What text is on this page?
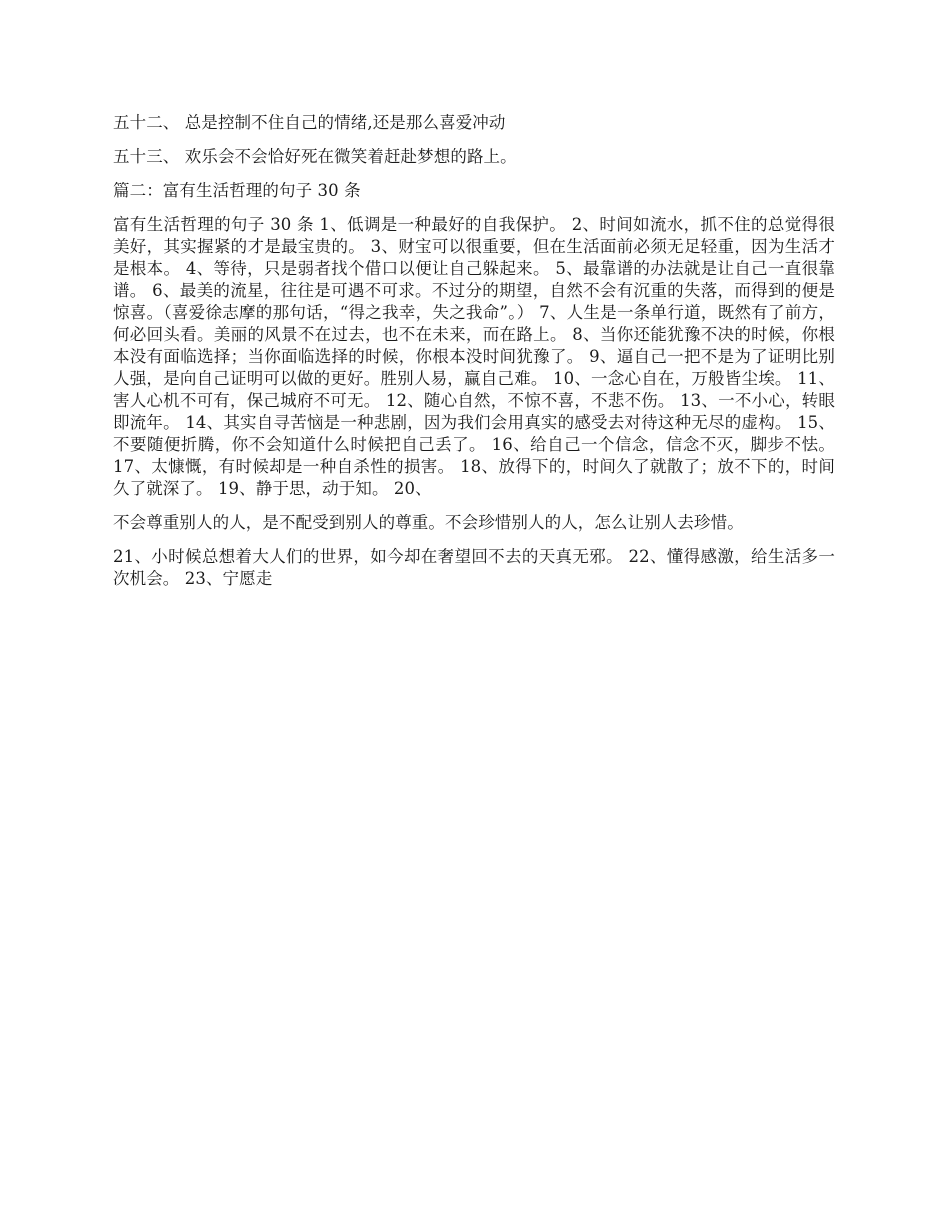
五十二、 总是控制不住自己的情绪,还是那么喜爱冲动

五十三、 欢乐会不会恰好死在微笑着赶赴梦想的路上。

篇二：富有生活哲理的句子 30 条

富有生活哲理的句子 30 条 1、低调是一种最好的自我保护。 2、时间如流水，抓不住的总觉得很美好，其实握紧的才是最宝贵的。 3、财宝可以很重要，但在生活面前必须无足轻重，因为生活才是根本。 4、等待，只是弱者找个借口以便让自己躲起来。 5、最靠谱的办法就是让自己一直很靠谱。 6、最美的流星，往往是可遇不可求。不过分的期望，自然不会有沉重的失落，而得到的便是惊喜。（喜爱徐志摩的那句话，“得之我幸，失之我命”。） 7、人生是一条单行道，既然有了前方，何必回头看。美丽的风景不在过去，也不在未来，而在路上。 8、当你还能犹豫不决的时候，你根本没有面临选择；当你面临选择的时候，你根本没时间犹豫了。 9、逼自己一把不是为了证明比别人强，是向自己证明可以做的更好。胜别人易，赢自己难。 10、一念心自在，万般皆尘埃。 11、害人心机不可有，保己城府不可无。 12、随心自然，不惊不喜，不悲不伤。 13、一不小心，转眼即流年。 14、其实自寻苦恼是一种悲剧，因为我们会用真实的感受去对待这种无尽的虚构。 15、不要随便折腾，你不会知道什么时候把自己丢了。 16、给自己一个信念，信念不灭，脚步不怯。 17、太慷慨，有时候却是一种自杀性的损害。 18、放得下的，时间久了就散了；放不下的，时间久了就深了。 19、静于思，动于知。 20、

不会尊重别人的人，是不配受到别人的尊重。不会珍惜别人的人，怎么让别人去珍惜。

21、小时候总想着大人们的世界，如今却在奢望回不去的天真无邪。 22、懂得感激，给生活多一次机会。 23、宁愿走
